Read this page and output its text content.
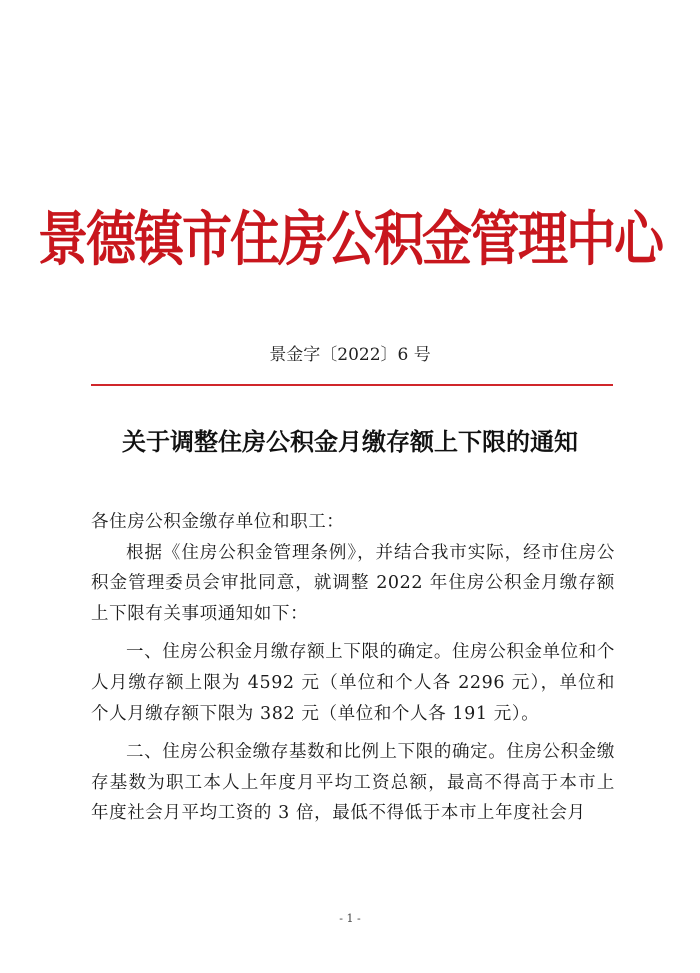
景德镇市住房公积金管理中心
景金字〔2022〕6 号
关于调整住房公积金月缴存额上下限的通知

各住房公积金缴存单位和职工：

根据《住房公积金管理条例》，并结合我市实际，经市住房公积金管理委员会审批同意，就调整 2022 年住房公积金月缴存额上下限有关事项通知如下：

一、住房公积金月缴存额上下限的确定。住房公积金单位和个人月缴存额上限为 4592 元（单位和个人各 2296 元），单位和个人月缴存额下限为 382 元（单位和个人各 191 元）。

二、住房公积金缴存基数和比例上下限的确定。住房公积金缴存基数为职工本人上年度月平均工资总额，最高不得高于本市上年度社会月平均工资的 3 倍，最低不得低于本市上年度社会月

- 1 -
